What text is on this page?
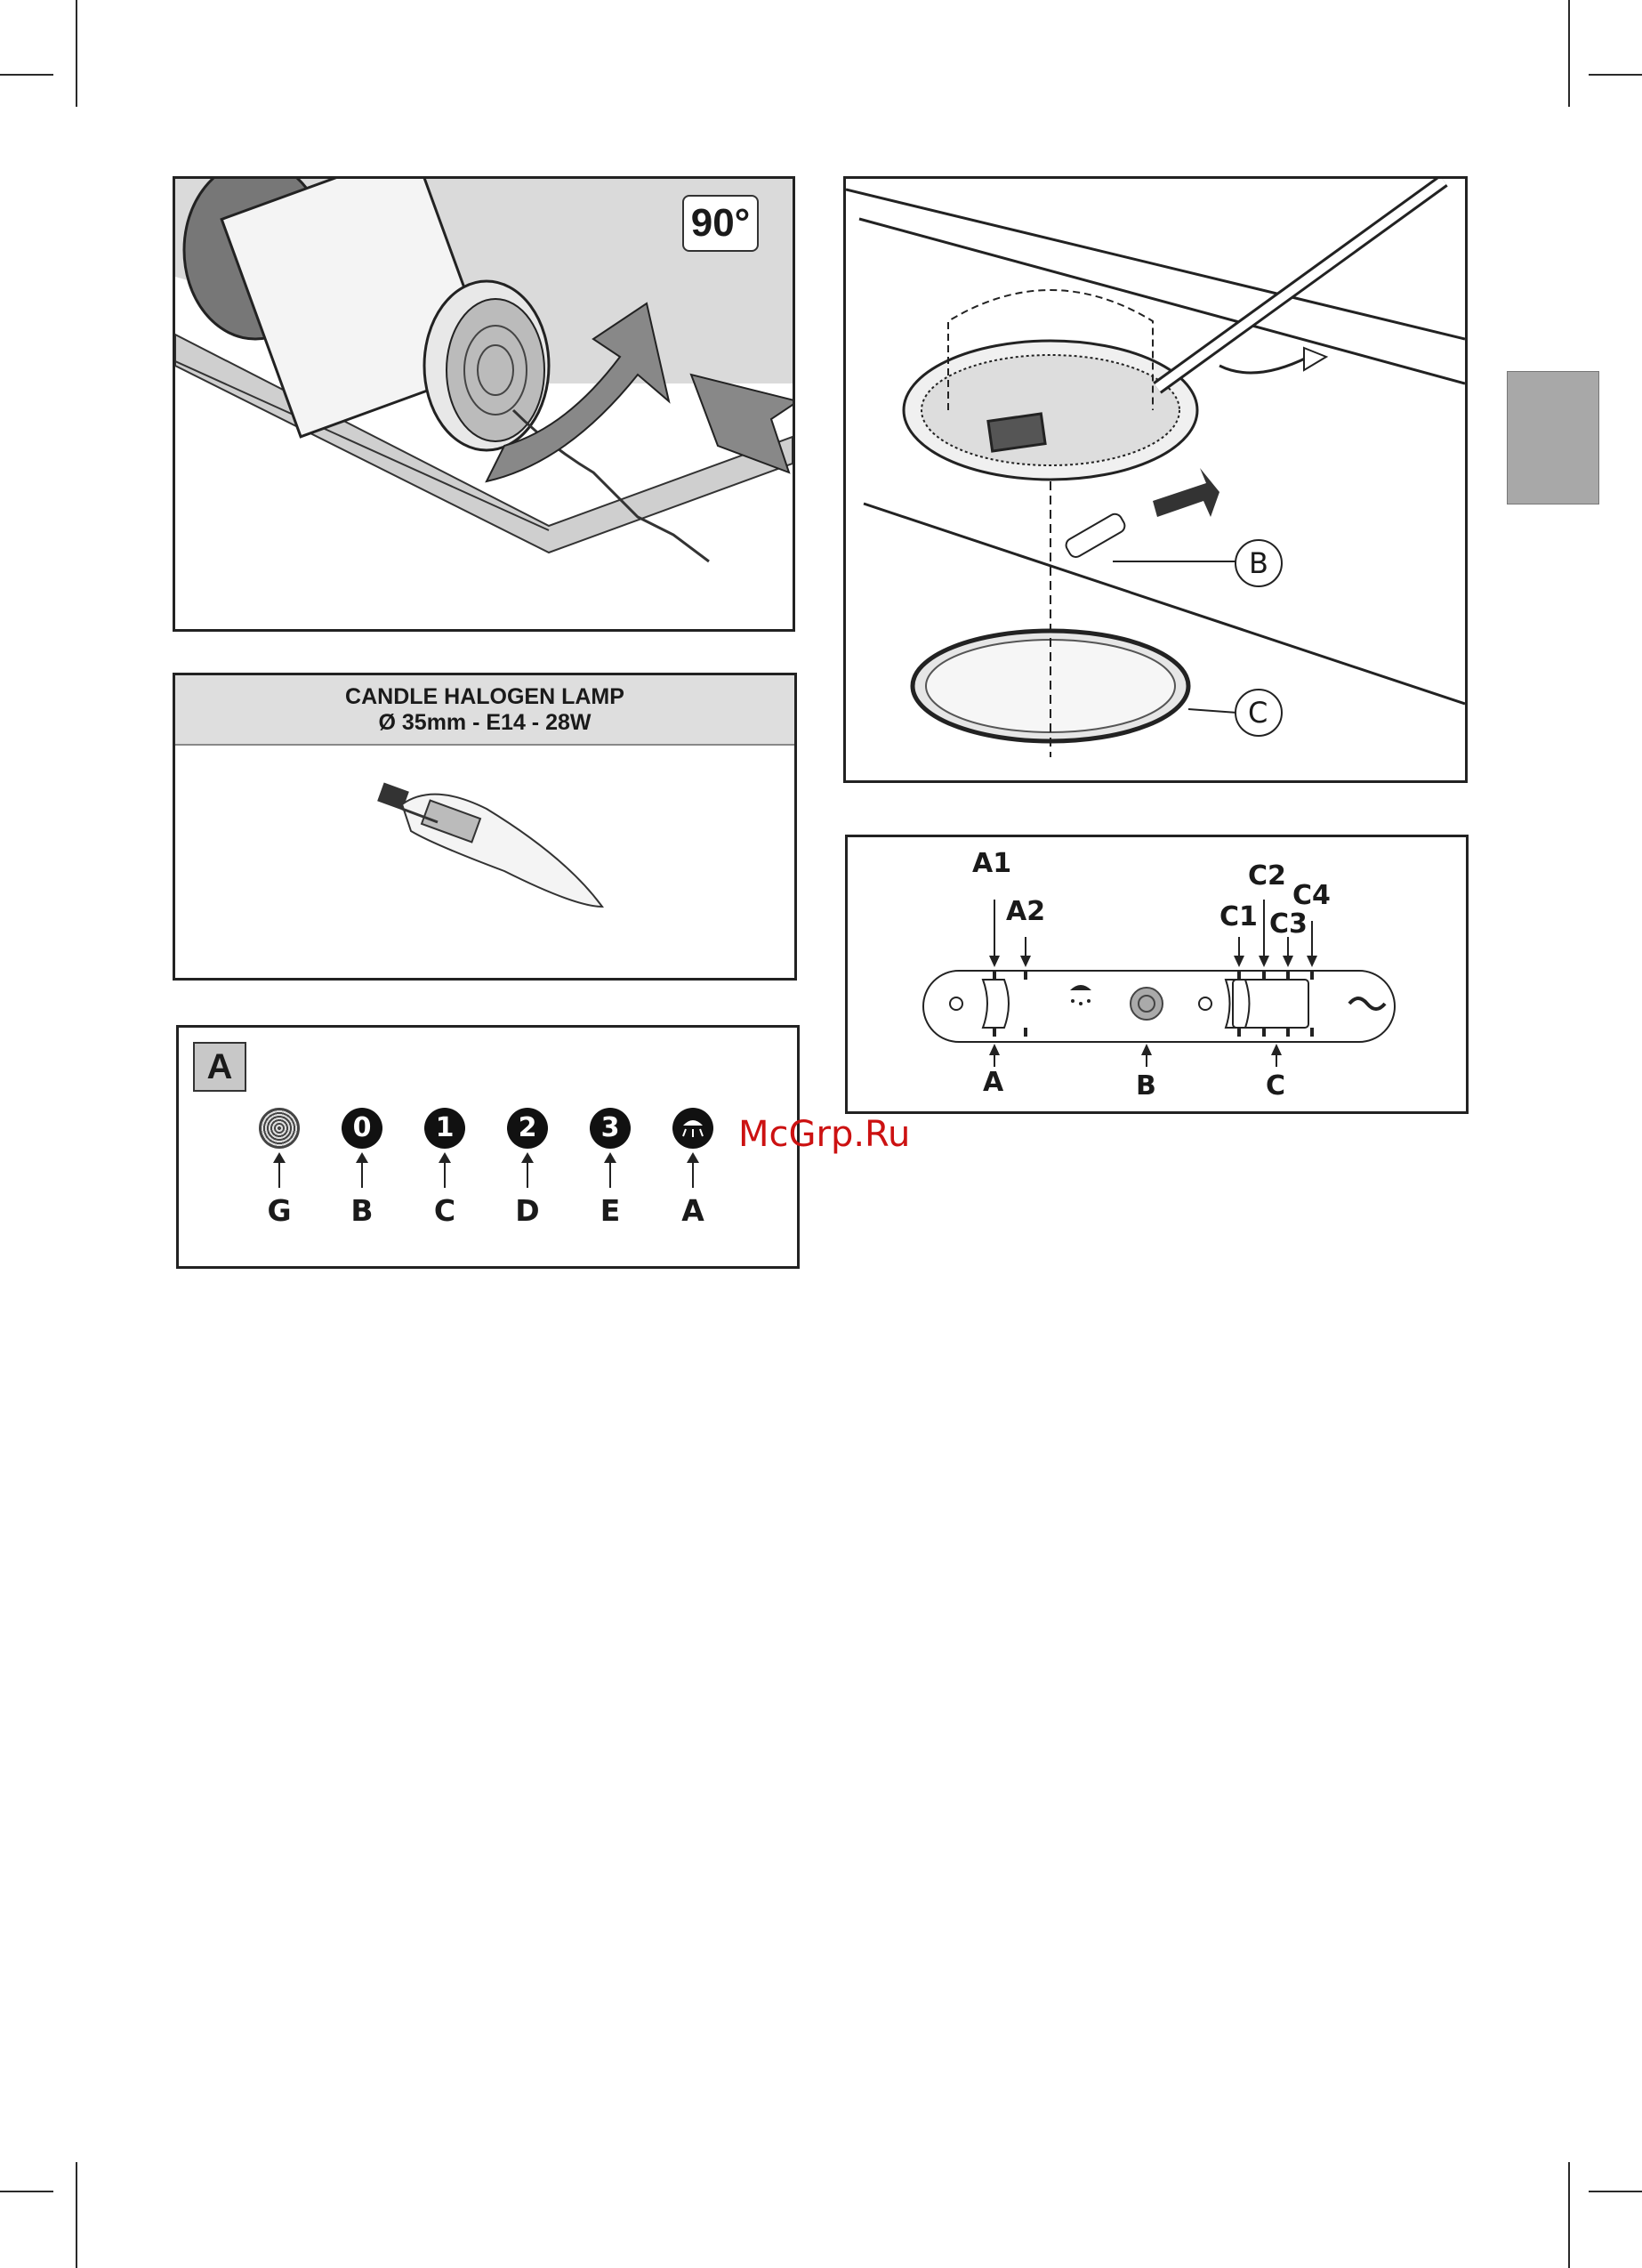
90°
CANDLE HALOGEN LAMP
Ø 35mm - E14 - 28W
A
0	1	2	3
G	B	C	D	E	A
B
C
A1
A2	C1
C2
C3
C4
A	B	C
McGrp.Ru
